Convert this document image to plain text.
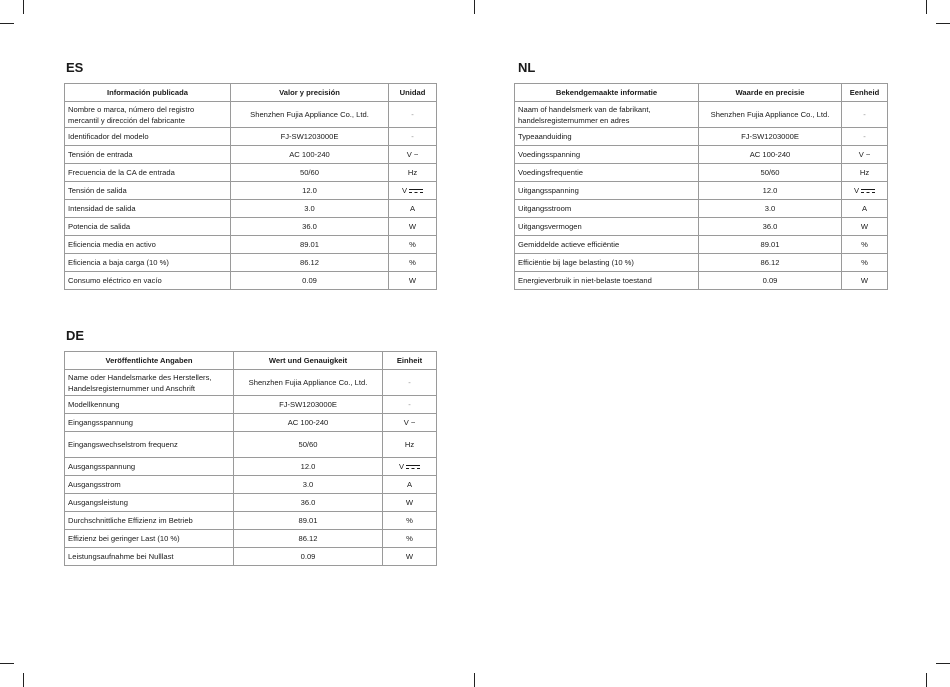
ES
Información publicada	Valor y precisión	Unidad
Nombre o marca, número del registro mercantil y dirección del fabricante	Shenzhen Fujia Appliance Co., Ltd.	-
Identificador del modelo	FJ-SW1203000E	-
Tensión de entrada	AC 100-240	V ~
Frecuencia de la CA de entrada	50/60	Hz
Tensión de salida	12.0	V
Intensidad de salida	3.0	A
Potencia de salida	36.0	W
Eficiencia media en activo	89.01	%
Eficiencia a baja carga (10 %)	86.12	%
Consumo eléctrico en vacío	0.09	W
NL
Bekendgemaakte informatie	Waarde en precisie	Eenheid
Naam of handelsmerk van de fabrikant, handelsregisternummer en adres	Shenzhen Fujia Appliance Co., Ltd.	-
Typeaanduiding	FJ-SW1203000E	-
Voedingsspanning	AC 100-240	V ~
Voedingsfrequentie	50/60	Hz
Uitgangsspanning	12.0	V
Uitgangsstroom	3.0	A
Uitgangsvermogen	36.0	W
Gemiddelde actieve efficiëntie	89.01	%
Efficiëntie bij lage belasting (10 %)	86.12	%
Energieverbruik in niet-belaste toestand	0.09	W
DE
Veröffentlichte Angaben	Wert und Genauigkeit	Einheit
Name oder Handelsmarke des Herstellers, Handelsregisternummer und Anschrift	Shenzhen Fujia Appliance Co., Ltd.	-
Modellkennung	FJ-SW1203000E	-
Eingangsspannung	AC 100-240	V ~
Eingangswechselstrom frequenz	50/60	Hz
Ausgangsspannung	12.0	V
Ausgangsstrom	3.0	A
Ausgangsleistung	36.0	W
Durchschnittliche Effizienz im Betrieb	89.01	%
Effizienz bei geringer Last (10 %)	86.12	%
Leistungsaufnahme bei Nulllast	0.09	W
